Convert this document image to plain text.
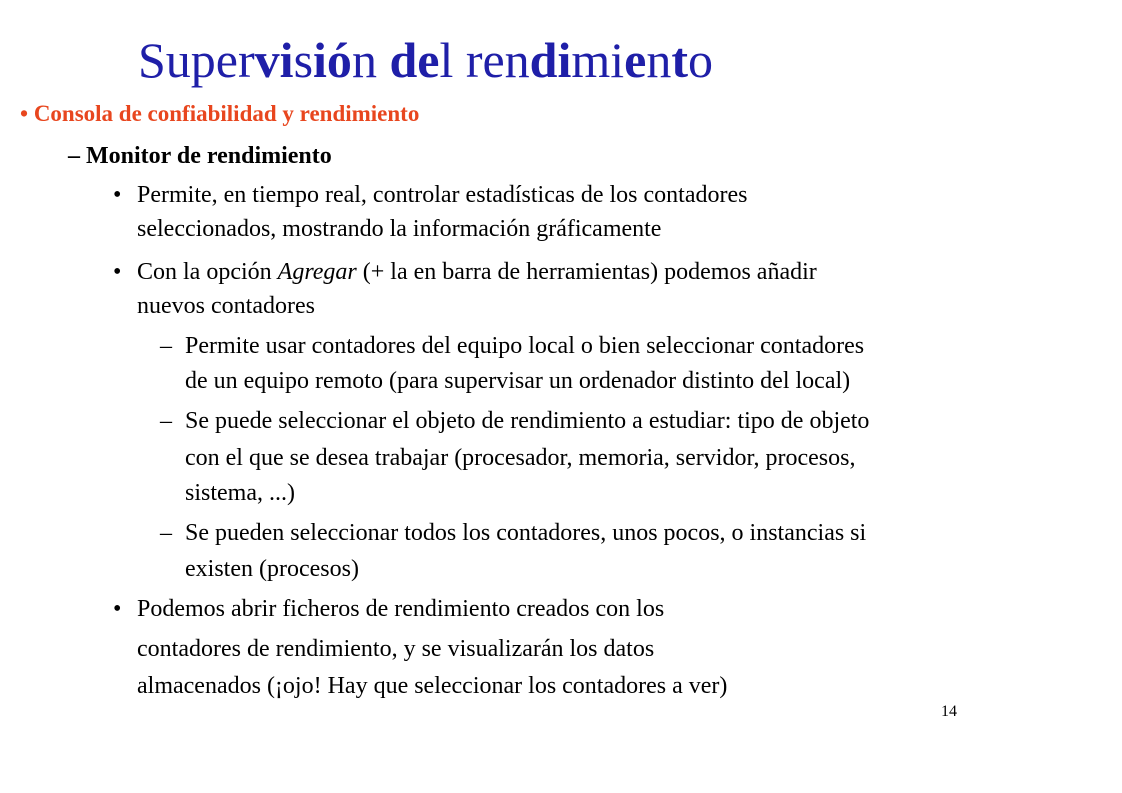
Supervisión del rendimiento
• Consola de confiabilidad y rendimiento
– Monitor de rendimiento
• Permite, en tiempo real, controlar estadísticas de los contadores
seleccionados, mostrando la información gráficamente
• Con la opción Agregar (+ la en barra de herramientas) podemos añadir
nuevos contadores
– Permite usar contadores del equipo local o bien seleccionar contadores
de un equipo remoto (para supervisar un ordenador distinto del local)
– Se puede seleccionar el objeto de rendimiento a estudiar: tipo de objeto
con el que se desea trabajar (procesador, memoria, servidor, procesos,
sistema, ...)
– Se pueden seleccionar todos los contadores, unos pocos, o instancias si
existen (procesos)
• Podemos abrir ficheros de rendimiento creados con los
contadores de rendimiento, y se visualizarán los datos
almacenados (¡ojo! Hay que seleccionar los contadores a ver)
14
